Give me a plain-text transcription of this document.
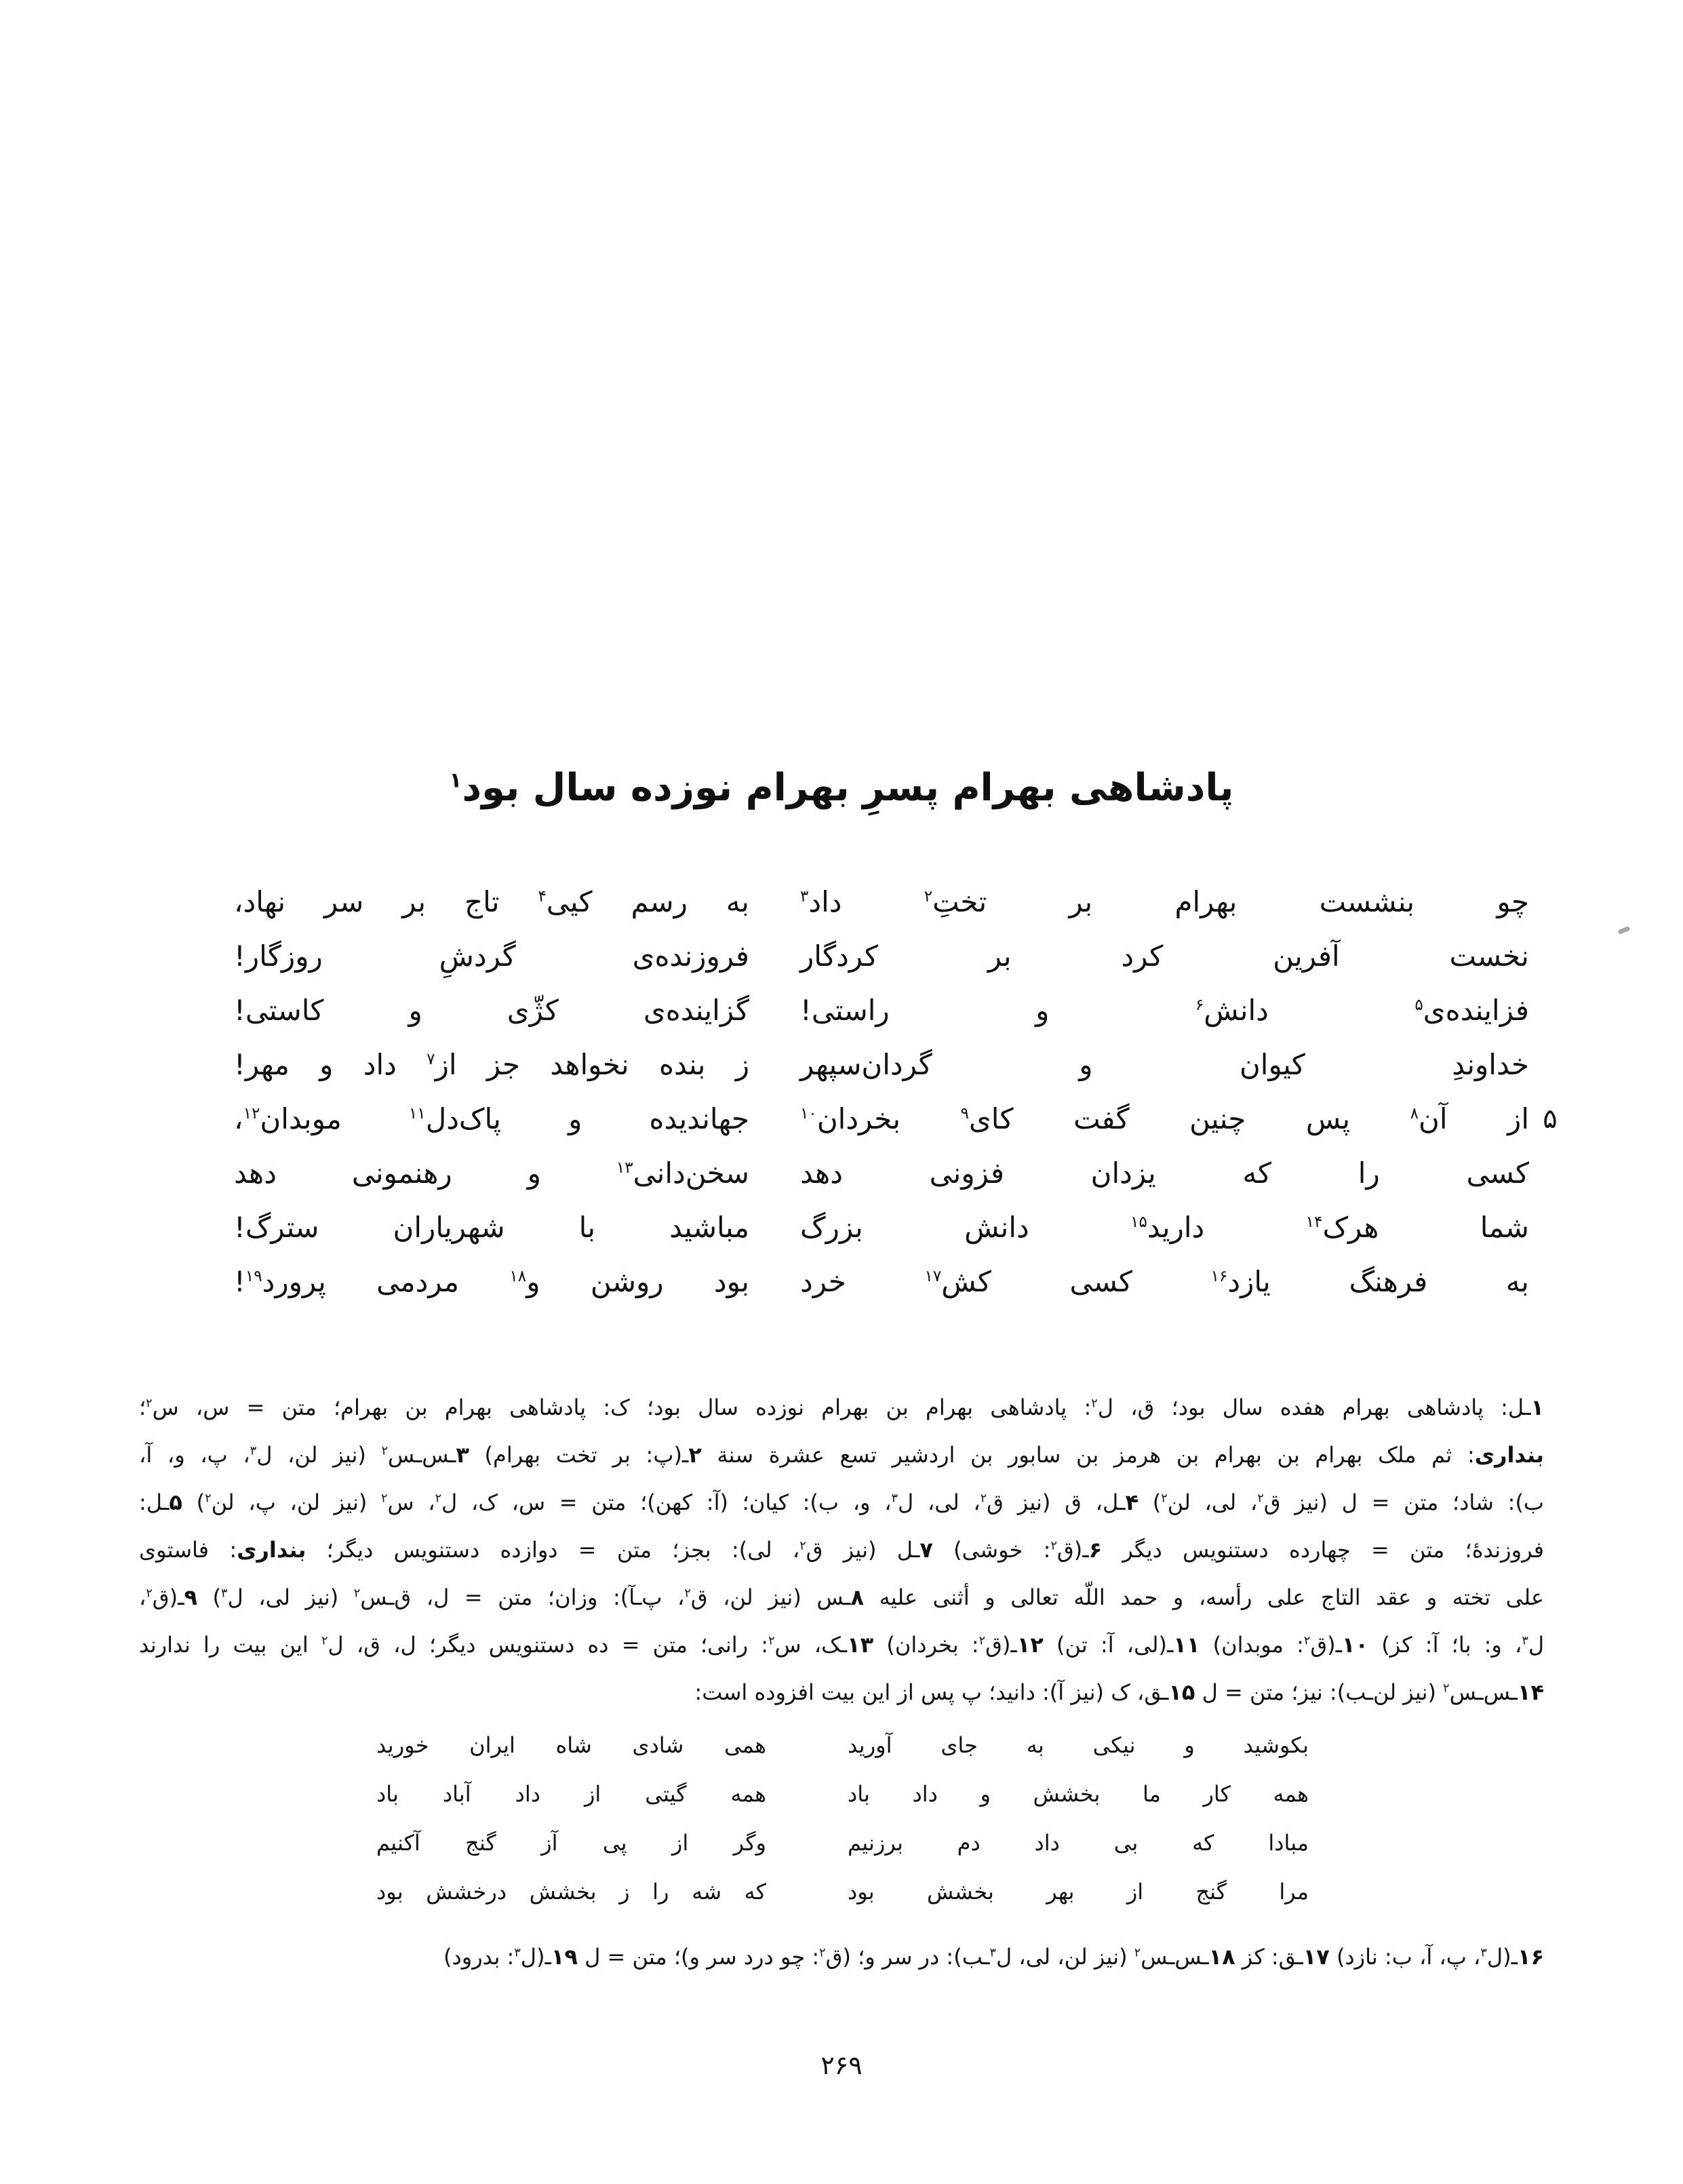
پادشاهی بهرام پسرِ بهرام نوزده سال بود$^۱$
چو بنشست بهرام بر تختِ$^۲$ داد$^۳$
به رسم کیی$^۴$ تاج بر سر نهاد،
نخست آفرین کرد بر کردگار
فروزنده‌ی گردشِ روزگار!
فزاینده‌ی$^۵$ دانش$^۶$ و راستی!
گزاینده‌ی کژّی و کاستی!
خداوندِ کیوان و گردان‌سپهر
ز بنده نخواهد جز از$^۷$ داد و مهر!
از آن$^۸$ پس چنین گفت کای$^۹$ بخردان$^{۱۰}$
جهاندیده و پاک‌دل$^{۱۱}$ موبدان$^{۱۲}$،
کسی را که یزدان فزونی دهد
سخن‌دانی$^{۱۳}$ و رهنمونی دهد
شما هرک$^{۱۴}$ دارید$^{۱۵}$ دانش بزرگ
مباشید با شهریاران سترگ!
به فرهنگ یازد$^{۱۶}$ کسی کش$^{۱۷}$ خرد
بود روشن و$^{۱۸}$ مردمی پرورد$^{۱۹}$!
۵
۱ـل: پادشاهی بهرام هفده سال بود؛ ق، ل$^۲$: پادشاهی بهرام بن بهرام نوزده سال بود؛ ک: پادشاهی بهرام بن بهرام؛ متن = س، س$^۲$؛
بنداری: ثم ملک بهرام بن بهرام بن هرمز بن سابور بن اردشیر تسع عشرة سنة ۲ـ(پ: بر تخت بهرام) ۳ـس‌ـس$^۲$ (نیز لن، ل$^۳$، پ، و، آ،
ب): شاد؛ متن = ل (نیز ق$^۲$، لی، لن$^۲$) ۴ـل، ق (نیز ق$^۲$، لی، ل$^۳$، و، ب): کیان؛ (آ: کهن)؛ متن = س، ک، ل$^۲$، س$^۲$ (نیز لن، پ، لن$^۲$) ۵ـل:
فروزندهٔ؛ متن = چهارده دستنویس دیگر ۶ـ(ق$^۲$: خوشی) ۷ـل (نیز ق$^۲$، لی): بجز؛ متن = دوازده دستنویس دیگر؛ بنداری: فاستوی
علی تخته و عقد التاج علی رأسه، و حمد اللّه تعالی و أثنی علیه ۸ـس (نیز لن، ق$^۲$، پ‌ـآ): وزان؛ متن = ل، ق‌ـس$^۲$ (نیز لی، ل$^۳$) ۹ـ(ق$^۲$،
ل$^۳$، و: با؛ آ: کز) ۱۰ـ(ق$^۲$: موبدان) ۱۱ـ(لی، آ: تن) ۱۲ـ(ق$^۲$: بخردان) ۱۳ـک، س$^۲$: رانی؛ متن = ده دستنویس دیگر؛ ل، ق، ل$^۲$ این بیت را ندارند
۱۴ـس‌ـس$^۲$ (نیز لن‌ـب): نیز؛ متن = ل ۱۵ـق، ک (نیز آ): دانید؛ پ پس از این بیت افزوده است:
بکوشید و نیکی به جای آورید
همی شادی شاه ایران خورید
همه کار ما بخشش و داد باد
همه گیتی از داد آباد باد
مبادا که بی داد دم برزنیم
وگر از پی آز گنج آکنیم
مرا گنج از بهر بخشش بود
که شه را ز بخشش درخشش بود
۱۶ـ(ل$^۳$، پ، آ، ب: نازد) ۱۷ـق: کز ۱۸ـس‌ـس$^۲$ (نیز لن، لی، ل$^۳$ـب): در سر و؛ (ق$^۲$: چو درد سر و)؛ متن = ل ۱۹ـ(ل$^۳$: بدرود)
۲۶۹
